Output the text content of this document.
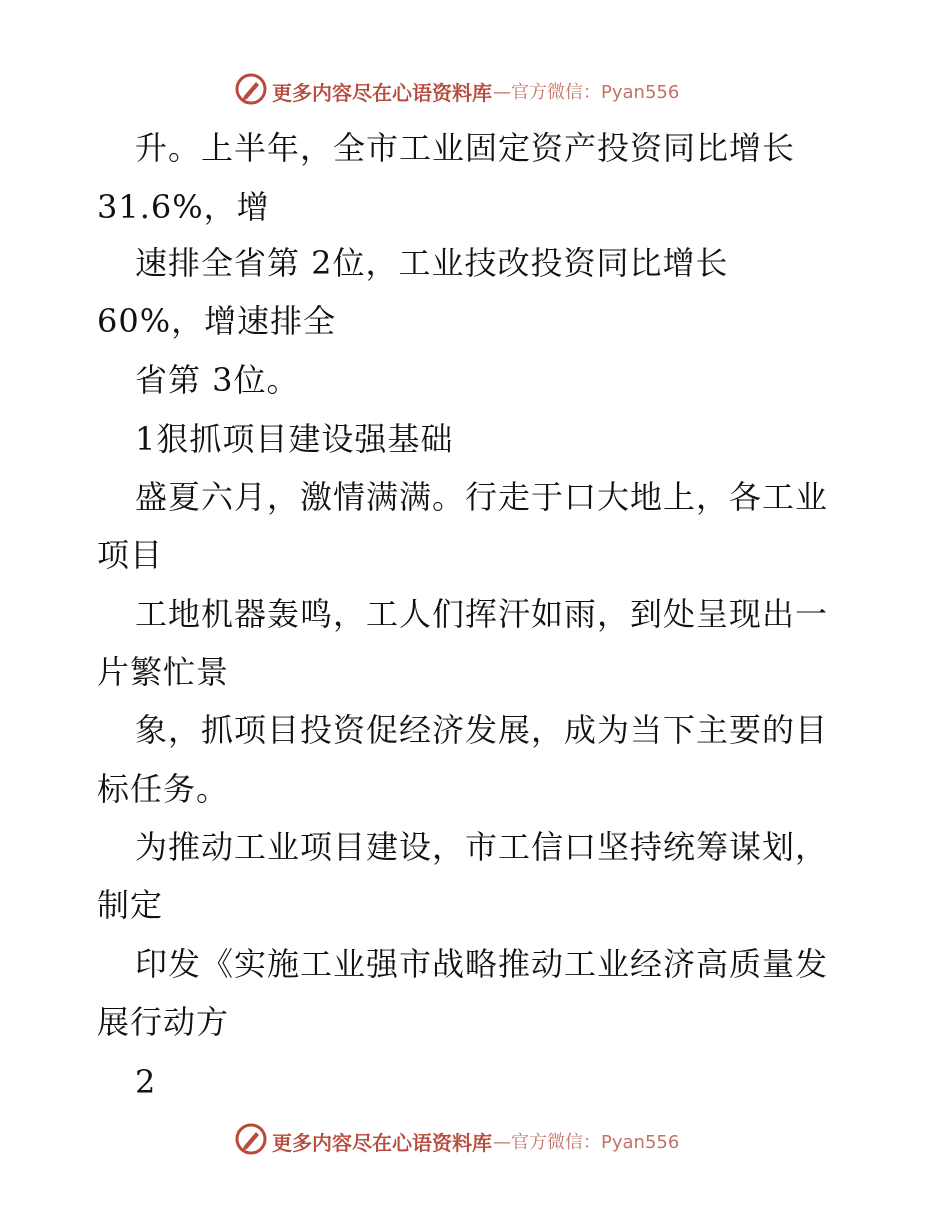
更多内容尽在心语资料库 —官方微信：Pyan556
升。上半年，全市工业固定资产投资同比增长
31.6%，增
速排全省第 2位，工业技改投资同比增长
60%，增速排全
省第 3位。
1狠抓项目建设强基础
盛夏六月，激情满满。行走于口大地上，各工业
项目
工地机器轰鸣，工人们挥汗如雨，到处呈现出一
片繁忙景
象，抓项目投资促经济发展，成为当下主要的目
标任务。
为推动工业项目建设，市工信口坚持统筹谋划，
制定
印发《实施工业强市战略推动工业经济高质量发
展行动方
2
更多内容尽在心语资料库 —官方微信：Pyan556
